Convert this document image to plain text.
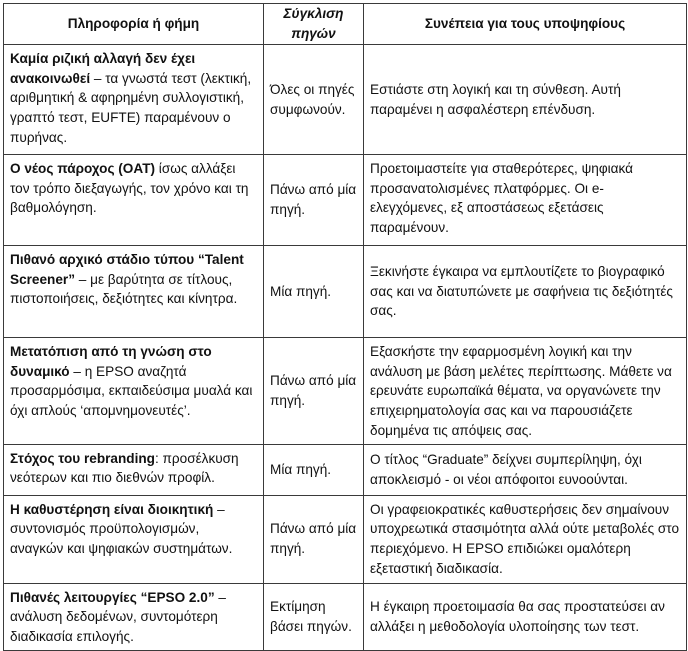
Πληροφορία ή φήμη	Σύγκλιση πηγών	Συνέπεια για τους υποψηφίους
Καμία ριζική αλλαγή δεν έχει ανακοινωθεί – τα γνωστά τεστ (λεκτική, αριθμητική & αφηρημένη συλλογιστική, γραπτό τεστ, EUFTE) παραμένουν ο πυρήνας.	Όλες οι πηγές συμφωνούν.	Εστιάστε στη λογική και τη σύνθεση. Αυτή παραμένει η ασφαλέστερη επένδυση.
Ο νέος πάροχος (OAT) ίσως αλλάξει τον τρόπο διεξαγωγής, τον χρόνο και τη βαθμολόγηση.	Πάνω από μία πηγή.	Προετοιμαστείτε για σταθερότερες, ψηφιακά προσανατολισμένες πλατφόρμες. Οι e-ελεγχόμενες, εξ αποστάσεως εξετάσεις παραμένουν.
Πιθανό αρχικό στάδιο τύπου “Talent Screener” – με βαρύτητα σε τίτλους, πιστοποιήσεις, δεξιότητες και κίνητρα.	Μία πηγή.	Ξεκινήστε έγκαιρα να εμπλουτίζετε το βιογραφικό σας και να διατυπώνετε με σαφήνεια τις δεξιότητές σας.
Μετατόπιση από τη γνώση στο δυναμικό – η EPSO αναζητά προσαρμόσιμα, εκπαιδεύσιμα μυαλά και όχι απλούς ‘απομνημονευτές’.	Πάνω από μία πηγή.	Εξασκήστε την εφαρμοσμένη λογική και την ανάλυση με βάση μελέτες περίπτωσης. Μάθετε να ερευνάτε ευρωπαϊκά θέματα, να οργανώνετε την επιχειρηματολογία σας και να παρουσιάζετε δομημένα τις απόψεις σας.
Στόχος του rebranding: προσέλκυση νεότερων και πιο διεθνών προφίλ.	Μία πηγή.	Ο τίτλος “Graduate” δείχνει συμπερίληψη, όχι αποκλεισμό - οι νέοι απόφοιτοι ευνοούνται.
Η καθυστέρηση είναι διοικητική – συντονισμός προϋπολογισμών, αναγκών και ψηφιακών συστημάτων.	Πάνω από μία πηγή.	Οι γραφειοκρατικές καθυστερήσεις δεν σημαίνουν υποχρεωτικά στασιμότητα αλλά ούτε μεταβολές στο περιεχόμενο. Η EPSO επιδιώκει ομαλότερη εξεταστική διαδικασία.
Πιθανές λειτουργίες “EPSO 2.0” – ανάλυση δεδομένων, συντομότερη διαδικασία επιλογής.	Εκτίμηση βάσει πηγών.	Η έγκαιρη προετοιμασία θα σας προστατεύσει αν αλλάξει η μεθοδολογία υλοποίησης των τεστ.
